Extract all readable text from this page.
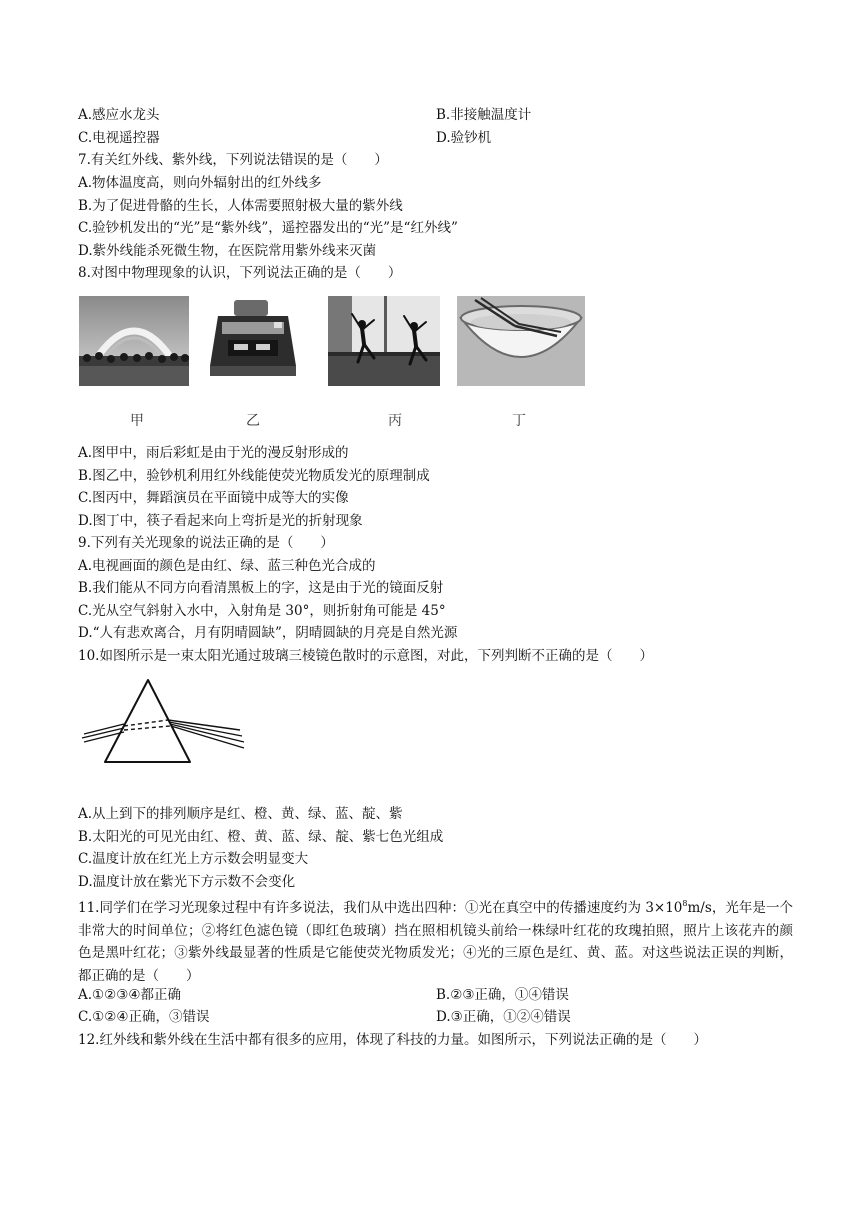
A.感应水龙头	B.非接触温度计
C.电视遥控器	D.验钞机
7.有关红外线、紫外线，下列说法错误的是（　　）
A.物体温度高，则向外辐射出的红外线多
B.为了促进骨骼的生长，人体需要照射极大量的紫外线
C.验钞机发出的“光”是“紫外线”，遥控器发出的“光”是“红外线”
D.紫外线能杀死微生物，在医院常用紫外线来灭菌
8.对图中物理现象的认识，下列说法正确的是（　　）
甲	乙	丙	丁
A.图甲中，雨后彩虹是由于光的漫反射形成的
B.图乙中，验钞机利用红外线能使荧光物质发光的原理制成
C.图丙中，舞蹈演员在平面镜中成等大的实像
D.图丁中，筷子看起来向上弯折是光的折射现象
9.下列有关光现象的说法正确的是（　　）
A.电视画面的颜色是由红、绿、蓝三种色光合成的
B.我们能从不同方向看清黑板上的字，这是由于光的镜面反射
C.光从空气斜射入水中，入射角是 30°，则折射角可能是 45°
D.“人有悲欢离合，月有阴晴圆缺”，阴晴圆缺的月亮是自然光源
10.如图所示是一束太阳光通过玻璃三棱镜色散时的示意图，对此，下列判断不正确的是（　　）
A.从上到下的排列顺序是红、橙、黄、绿、蓝、靛、紫
B.太阳光的可见光由红、橙、黄、蓝、绿、靛、紫七色光组成
C.温度计放在红光上方示数会明显变大
D.温度计放在紫光下方示数不会变化
11.同学们在学习光现象过程中有许多说法，我们从中选出四种：①光在真空中的传播速度约为 $3\times 10^8m/s$，光年是一个非常大的时间单位；②将红色滤色镜（即红色玻璃）挡在照相机镜头前给一株绿叶红花的玫瑰拍照，照片上该花卉的颜色是黑叶红花；③紫外线最显著的性质是它能使荧光物质发光；④光的三原色是红、黄、蓝。对这些说法正误的判断，都正确的是（　　）
A.①②③④都正确	B.②③正确，①④错误
C.①②④正确，③错误	D.③正确，①②④错误
12.红外线和紫外线在生活中都有很多的应用，体现了科技的力量。如图所示，下列说法正确的是（　　）
